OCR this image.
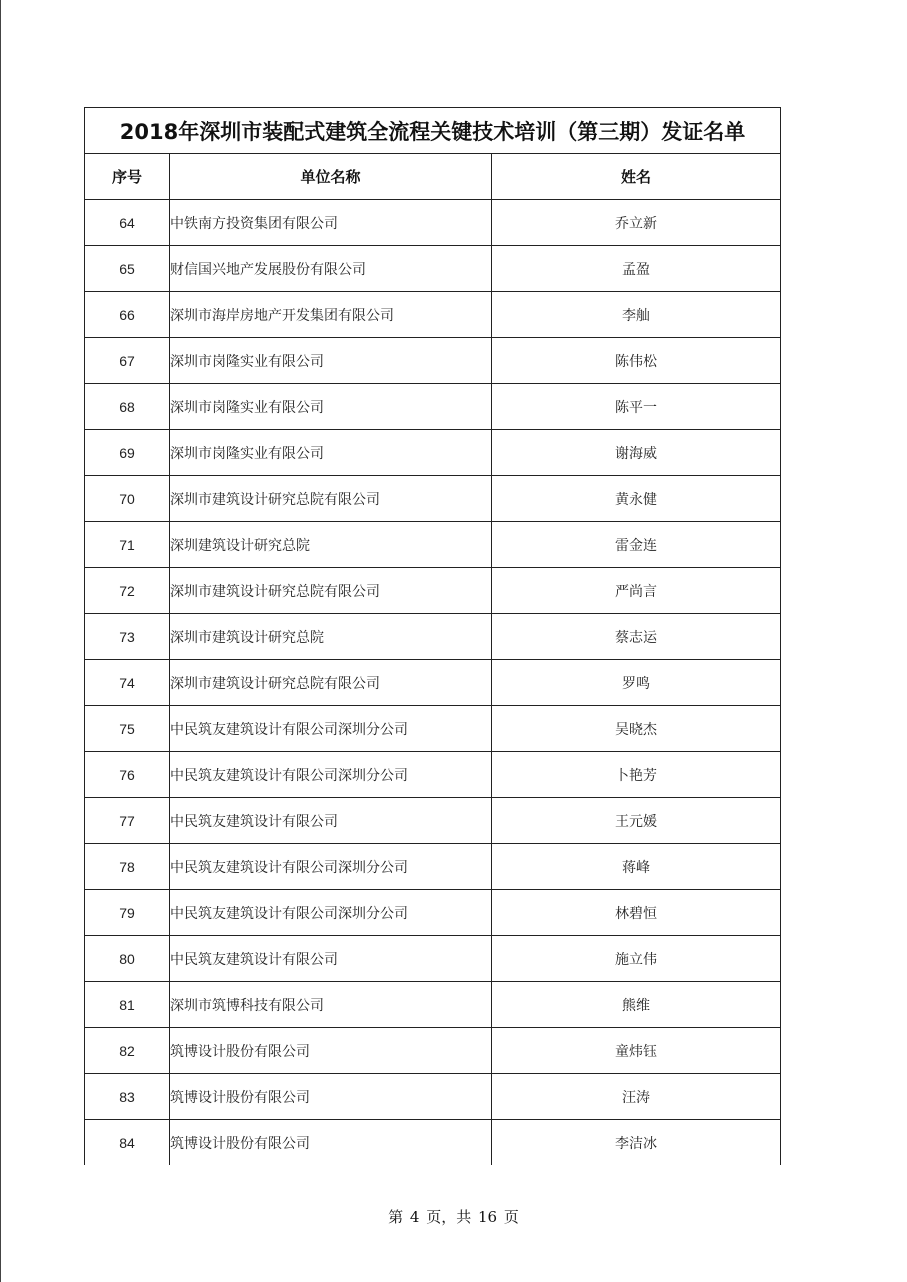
2018年深圳市装配式建筑全流程关键技术培训（第三期）发证名单		
序号	单位名称	姓名
64	中铁南方投资集团有限公司	乔立新
65	财信国兴地产发展股份有限公司	孟盈
66	深圳市海岸房地产开发集团有限公司	李舢
67	深圳市岗隆实业有限公司	陈伟松
68	深圳市岗隆实业有限公司	陈平一
69	深圳市岗隆实业有限公司	谢海威
70	深圳市建筑设计研究总院有限公司	黄永健
71	深圳建筑设计研究总院	雷金连
72	深圳市建筑设计研究总院有限公司	严尚言
73	深圳市建筑设计研究总院	蔡志运
74	深圳市建筑设计研究总院有限公司	罗鸣
75	中民筑友建筑设计有限公司深圳分公司	吴晓杰
76	中民筑友建筑设计有限公司深圳分公司	卜艳芳
77	中民筑友建筑设计有限公司	王元媛
78	中民筑友建筑设计有限公司深圳分公司	蒋峰
79	中民筑友建筑设计有限公司深圳分公司	林碧恒
80	中民筑友建筑设计有限公司	施立伟
81	深圳市筑博科技有限公司	熊维
82	筑博设计股份有限公司	童炜钰
83	筑博设计股份有限公司	汪涛
84	筑博设计股份有限公司	李洁冰
第 4 页，共 16 页
